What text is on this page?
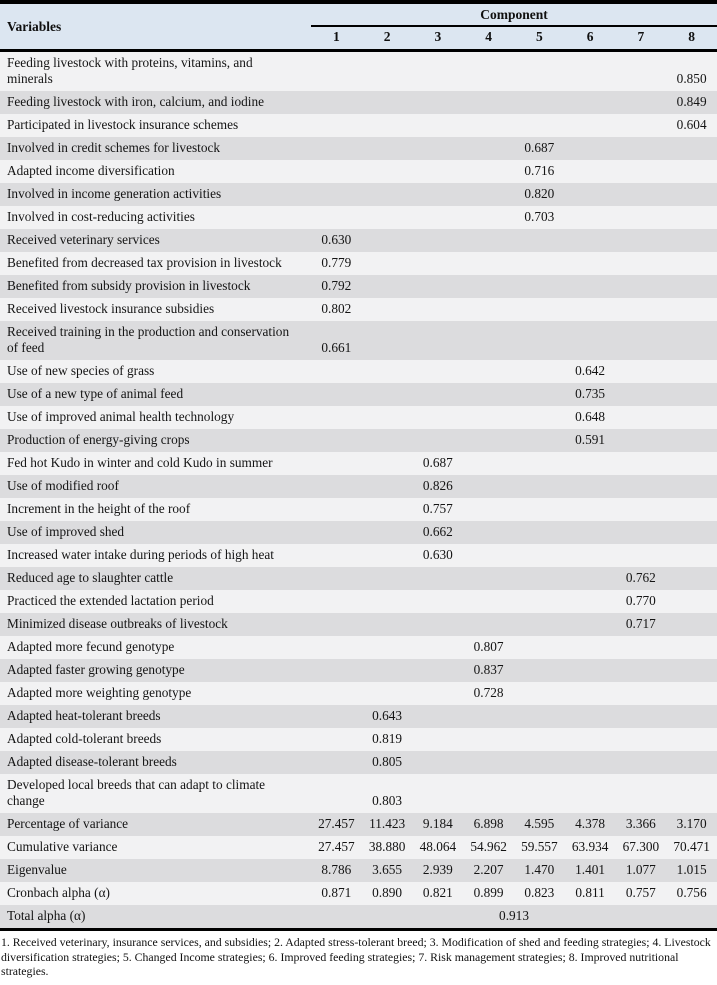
Variables	Component							
	1	2	3	4	5	6	7	8
Feeding livestock with proteins, vitamins, and minerals								0.850
Feeding livestock with iron, calcium, and iodine								0.849
Participated in livestock insurance schemes								0.604
Involved in credit schemes for livestock					0.687			
Adapted income diversification					0.716			
Involved in income generation activities					0.820			
Involved in cost-reducing activities					0.703			
Received veterinary services	0.630							
Benefited from decreased tax provision in livestock	0.779							
Benefited from subsidy provision in livestock	0.792							
Received livestock insurance subsidies	0.802							
Received training in the production and conservation of feed	0.661							
Use of new species of grass						0.642		
Use of a new type of animal feed						0.735		
Use of improved animal health technology						0.648		
Production of energy-giving crops						0.591		
Fed hot Kudo in winter and cold Kudo in summer			0.687					
Use of modified roof			0.826					
Increment in the height of the roof			0.757					
Use of improved shed			0.662					
Increased water intake during periods of high heat			0.630					
Reduced age to slaughter cattle							0.762	
Practiced the extended lactation period							0.770	
Minimized disease outbreaks of livestock							0.717	
Adapted more fecund genotype				0.807				
Adapted faster growing genotype				0.837				
Adapted more weighting genotype				0.728				
Adapted heat-tolerant breeds		0.643						
Adapted cold-tolerant breeds		0.819						
Adapted disease-tolerant breeds		0.805						
Developed local breeds that can adapt to climate change		0.803						
Percentage of variance	27.457	11.423	9.184	6.898	4.595	4.378	3.366	3.170
Cumulative variance	27.457	38.880	48.064	54.962	59.557	63.934	67.300	70.471
Eigenvalue	8.786	3.655	2.939	2.207	1.470	1.401	1.077	1.015
Cronbach alpha (α)	0.871	0.890	0.821	0.899	0.823	0.811	0.757	0.756
Total alpha (α)	0.913							
1. Received veterinary, insurance services, and subsidies; 2. Adapted stress-tolerant breed; 3. Modification of shed and feeding strategies; 4. Livestock diversification strategies; 5. Changed Income strategies; 6. Improved feeding strategies; 7. Risk management strategies; 8. Improved nutritional strategies.
